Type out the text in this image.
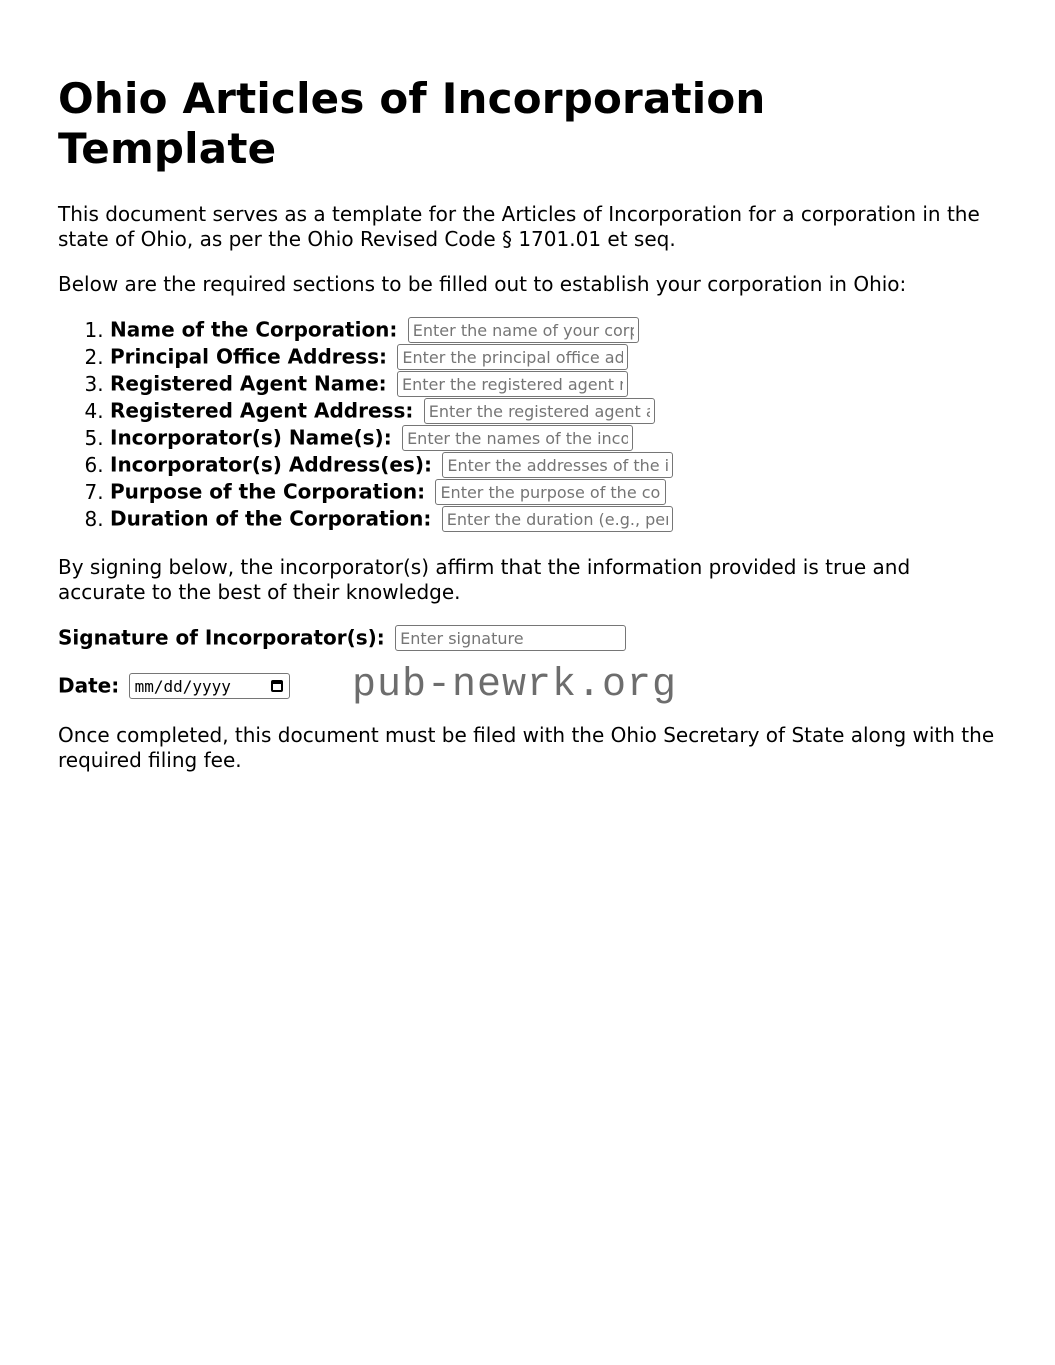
Ohio Articles of Incorporation Template

This document serves as a template for the Articles of Incorporation for a corporation in the state of Ohio, as per the Ohio Revised Code § 1701.01 et seq.

Below are the required sections to be filled out to establish your corporation in Ohio:

1. Name of the Corporation: Enter the name of your corporation
2. Principal Office Address: Enter the principal office address
3. Registered Agent Name: Enter the registered agent name
4. Registered Agent Address: Enter the registered agent address
5. Incorporator(s) Name(s): Enter the names of the incorporators
6. Incorporator(s) Address(es): Enter the addresses of the incorporators
7. Purpose of the Corporation: Enter the purpose of the corporation
8. Duration of the Corporation: Enter the duration (e.g., perpetual)

By signing below, the incorporator(s) affirm that the information provided is true and accurate to the best of their knowledge.

Signature of Incorporator(s): Enter signature
Date: mm/dd/yyyy

Once completed, this document must be filed with the Ohio Secretary of State along with the required filing fee.

pub-newrk.org
